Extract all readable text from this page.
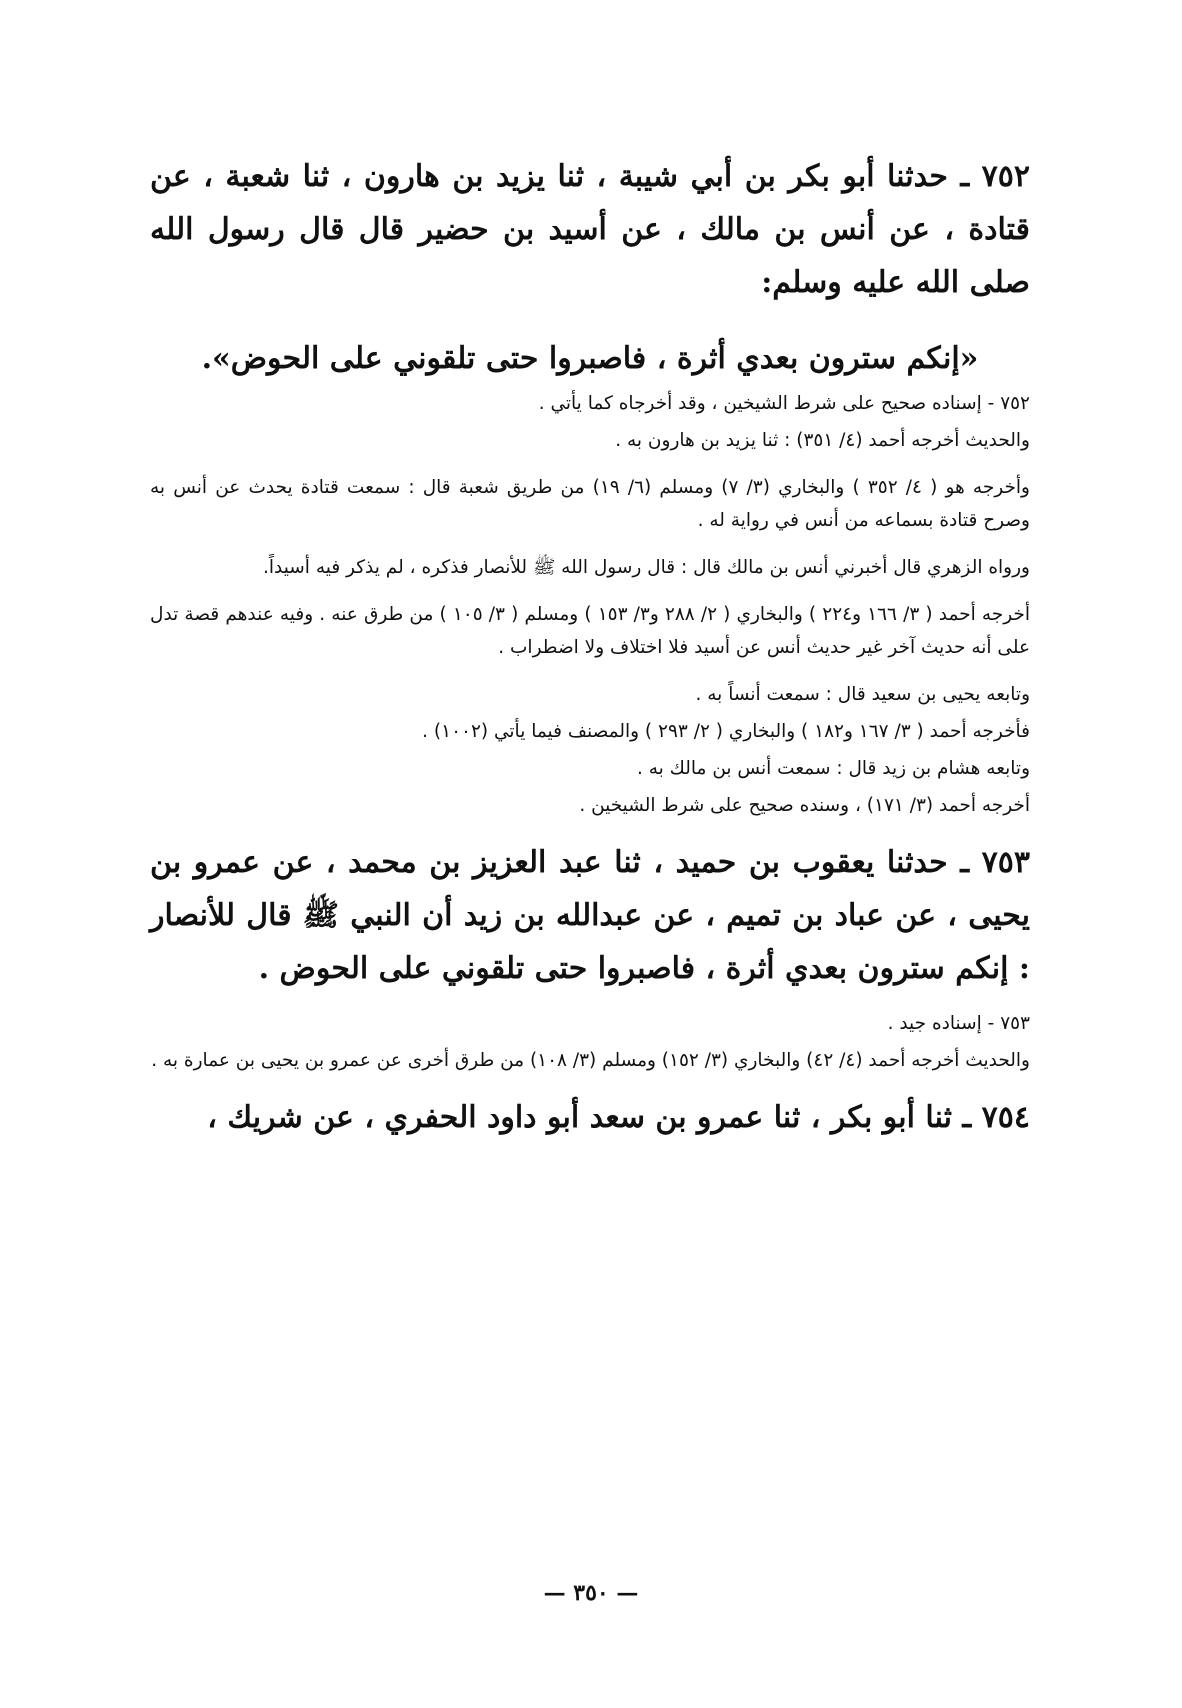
٧٥٢ ـ حدثنا أبو بكر بن أبي شيبة ، ثنا يزيد بن هارون ، ثنا شعبة ، عن قتادة ، عن أنس بن مالك ، عن أسيد بن حضير قال قال رسول الله صلى الله عليه وسلم:

«إنكم سترون بعدي أثرة ، فاصبروا حتى تلقوني على الحوض».

٧٥٢ - إسناده صحيح على شرط الشيخين ، وقد أخرجاه كما يأتي .

والحديث أخرجه أحمد (٤/ ٣٥١) : ثنا يزيد بن هارون به .

وأخرجه هو ( ٤/ ٣٥٢ ) والبخاري (٣/ ٧) ومسلم (٦/ ١٩) من طريق شعبة قال : سمعت قتادة يحدث عن أنس به وصرح قتادة بسماعه من أنس في رواية له .

ورواه الزهري قال أخبرني أنس بن مالك قال : قال رسول الله ﷺ للأنصار فذكره ، لم يذكر فيه أسيداً.

أخرجه أحمد ( ٣/ ١٦٦ و٢٢٤ ) والبخاري ( ٢/ ٢٨٨ و٣/ ١٥٣ ) ومسلم ( ٣/ ١٠٥ ) من طرق عنه . وفيه عندهم قصة تدل على أنه حديث آخر غير حديث أنس عن أسيد فلا اختلاف ولا اضطراب .

وتابعه يحيى بن سعيد قال : سمعت أنساً به .

فأخرجه أحمد ( ٣/ ١٦٧ و١٨٢ ) والبخاري ( ٢/ ٢٩٣ ) والمصنف فيما يأتي (١٠٠٢) .

وتابعه هشام بن زيد قال : سمعت أنس بن مالك به .

أخرجه أحمد (٣/ ١٧١) ، وسنده صحيح على شرط الشيخين .

٧٥٣ ـ حدثنا يعقوب بن حميد ، ثنا عبد العزيز بن محمد ، عن عمرو بن يحيى ، عن عباد بن تميم ، عن عبدالله بن زيد أن النبي ﷺ قال للأنصار : إنكم سترون بعدي أثرة ، فاصبروا حتى تلقوني على الحوض .

٧٥٣ - إسناده جيد .

والحديث أخرجه أحمد (٤/ ٤٢) والبخاري (٣/ ١٥٢) ومسلم (٣/ ١٠٨) من طرق أخرى عن عمرو بن يحيى بن عمارة به .

٧٥٤ ـ ثنا أبو بكر ، ثنا عمرو بن سعد أبو داود الحفري ، عن شريك ،

— ٣٥٠ —
